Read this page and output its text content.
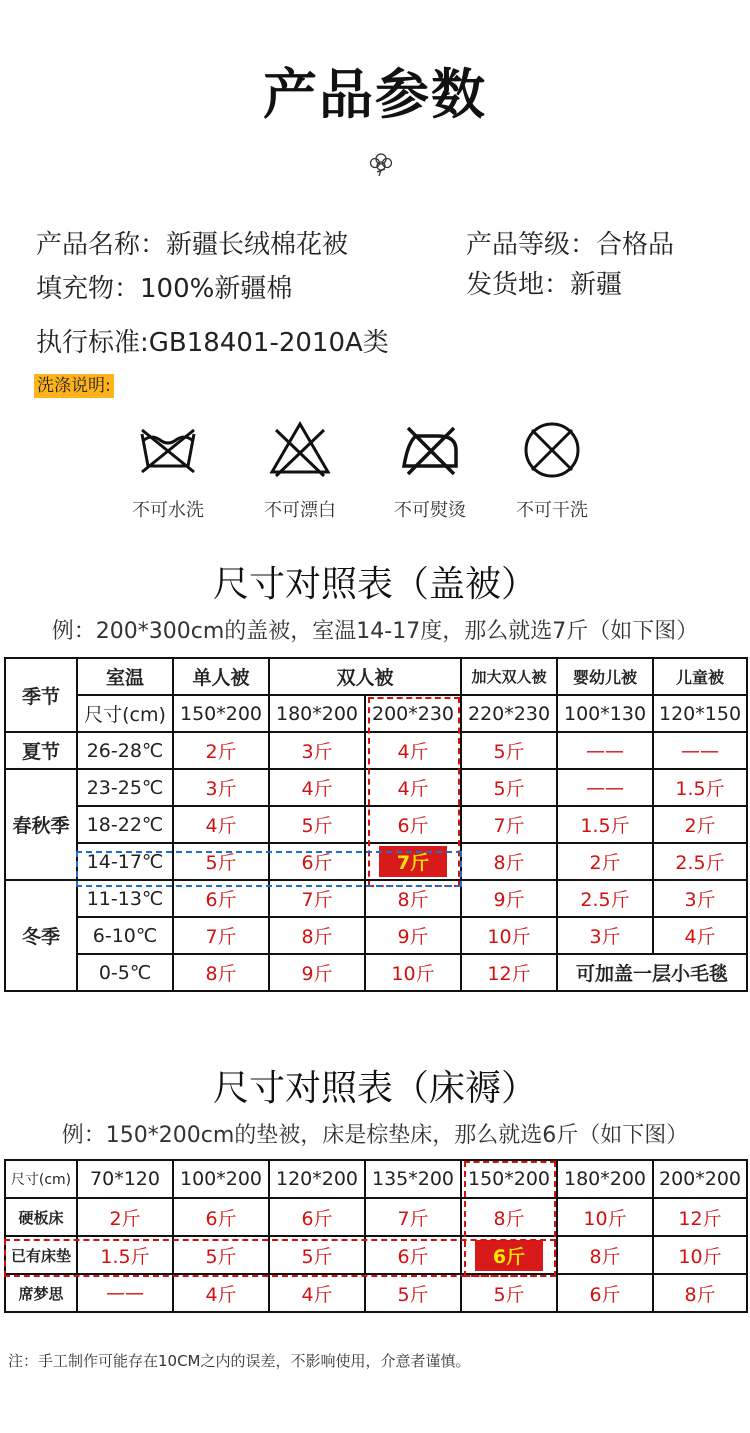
产品参数
产品名称：新疆长绒棉花被	产品等级：合格品
填充物：100%新疆棉	发货地：新疆
执行标准:GB18401-2010A类
洗涤说明:
不可水洗	不可漂白	不可熨烫	不可干洗
尺寸对照表（盖被）
例：200*300cm的盖被，室温14-17度，那么就选7斤（如下图）
季节	室温	单人被	双人被		加大双人被	婴幼儿被	儿童被
	尺寸(cm)	150*200	180*200	200*230	220*230	100*130	120*150
夏节	26-28℃	2斤	3斤	4斤	5斤	——	——
春秋季	23-25℃	3斤	4斤	4斤	5斤	——	1.5斤
	18-22℃	4斤	5斤	6斤	7斤	1.5斤	2斤
	14-17℃	5斤	6斤	7斤	8斤	2斤	2.5斤
冬季	11-13℃	6斤	7斤	8斤	9斤	2.5斤	3斤
	6-10℃	7斤	8斤	9斤	10斤	3斤	4斤
	0-5℃	8斤	9斤	10斤	12斤	可加盖一层小毛毯	
尺寸对照表（床褥）
例：150*200cm的垫被，床是棕垫床，那么就选6斤（如下图）
尺寸(cm)	70*120	100*200	120*200	135*200	150*200	180*200	200*200
硬板床	2斤	6斤	6斤	7斤	8斤	10斤	12斤
已有床垫	1.5斤	5斤	5斤	6斤	6斤	8斤	10斤
席梦思	——	4斤	4斤	5斤	5斤	6斤	8斤
注：手工制作可能存在10CM之内的误差，不影响使用，介意者谨慎。
